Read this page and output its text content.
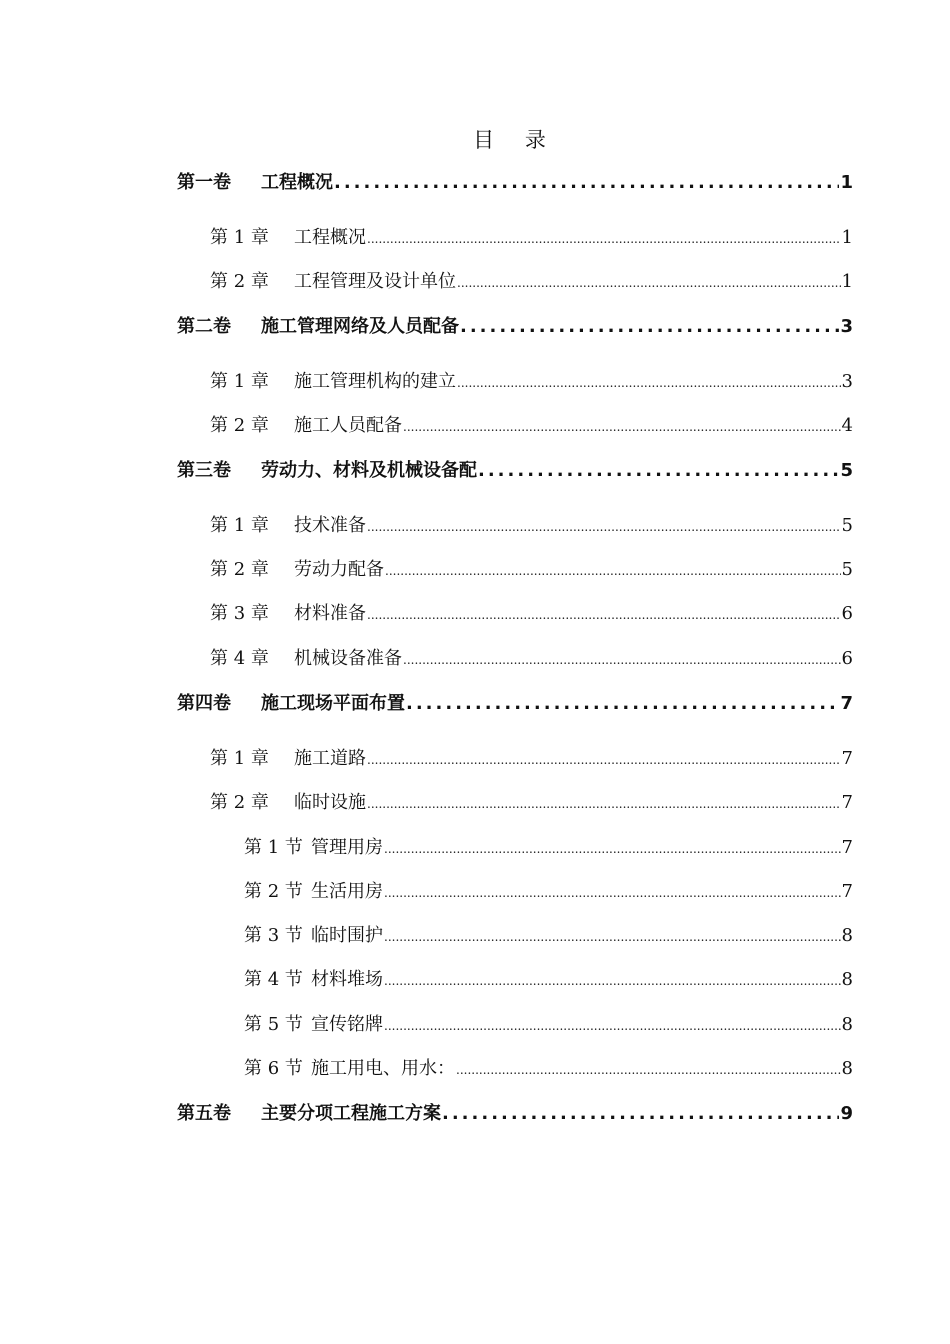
目 录
第一卷	工程概况 .....	1
第 1 章	工程概况 .....	1
第 2 章	工程管理及设计单位 .....	1
第二卷	施工管理网络及人员配备 .....	3
第 1 章	施工管理机构的建立 .....	3
第 2 章	施工人员配备 .....	4
第三卷	劳动力、材料及机械设备配 .....	5
第 1 章	技术准备 .....	5
第 2 章	劳动力配备 .....	5
第 3 章	材料准备 .....	6
第 4 章	机械设备准备 .....	6
第四卷	施工现场平面布置 .....	7
第 1 章	施工道路 .....	7
第 2 章	临时设施 .....	7
第 1 节 管理用房 .....	7
第 2 节 生活用房 .....	7
第 3 节 临时围护 .....	8
第 4 节 材料堆场 .....	8
第 5 节 宣传铭牌 .....	8
第 6 节 施工用电、用水： .....	8
第五卷	主要分项工程施工方案 .....	9
